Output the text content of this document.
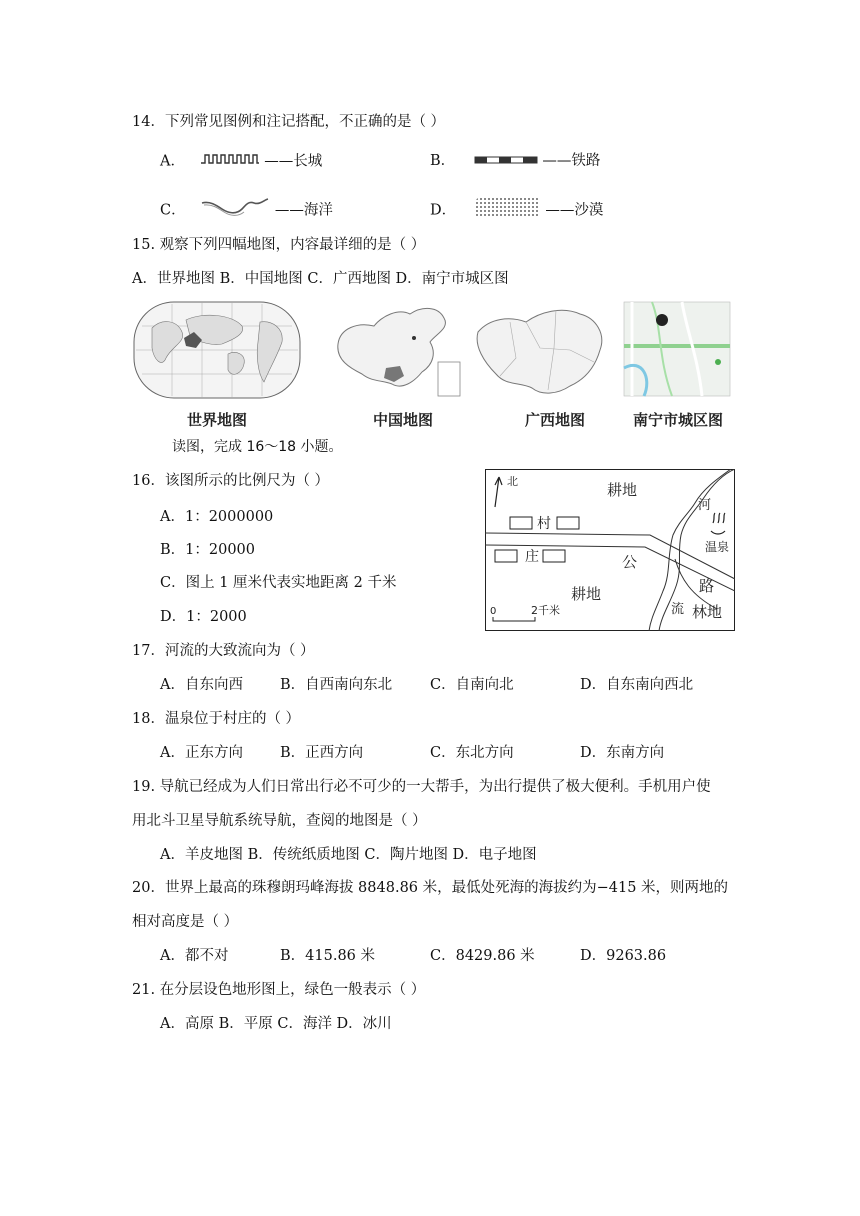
14．下列常见图例和注记搭配，不正确的是（ ）
A．	——长城	B．	——铁路
C．	——海洋	D．	——沙漠
15. 观察下列四幅地图，内容最详细的是（ ）
A．世界地图 B．中国地图 C．广西地图 D．南宁市城区图
世界地图	中国地图	广西地图	南宁市城区图
读图，完成 16～18 小题。
北	耕地
河
温泉
村
庄	公
路
耕地
流 林地
0	2千米
16．该图所示的比例尺为（ ）
A．1：2000000
B．1：20000
C．图上 1 厘米代表实地距离 2 千米
D．1：2000
17．河流的大致流向为（ ）
A．自东向西	B．自西南向东北	C．自南向北	D．自东南向西北
18．温泉位于村庄的（ ）
A．正东方向	B．正西方向	C．东北方向	D．东南方向
19. 导航已经成为人们日常出行必不可少的一大帮手，为出行提供了极大便利。手机用户使
用北斗卫星导航系统导航，查阅的地图是（ ）
A．羊皮地图 B．传统纸质地图 C．陶片地图 D．电子地图
20．世界上最高的珠穆朗玛峰海拔 8848.86 米，最低处死海的海拔约为−415 米，则两地的
相对高度是（ ）
A．都不对	B．415.86 米	C．8429.86 米	D．9263.86
21. 在分层设色地形图上，绿色一般表示（ ）
A．高原 B．平原 C．海洋 D．冰川
